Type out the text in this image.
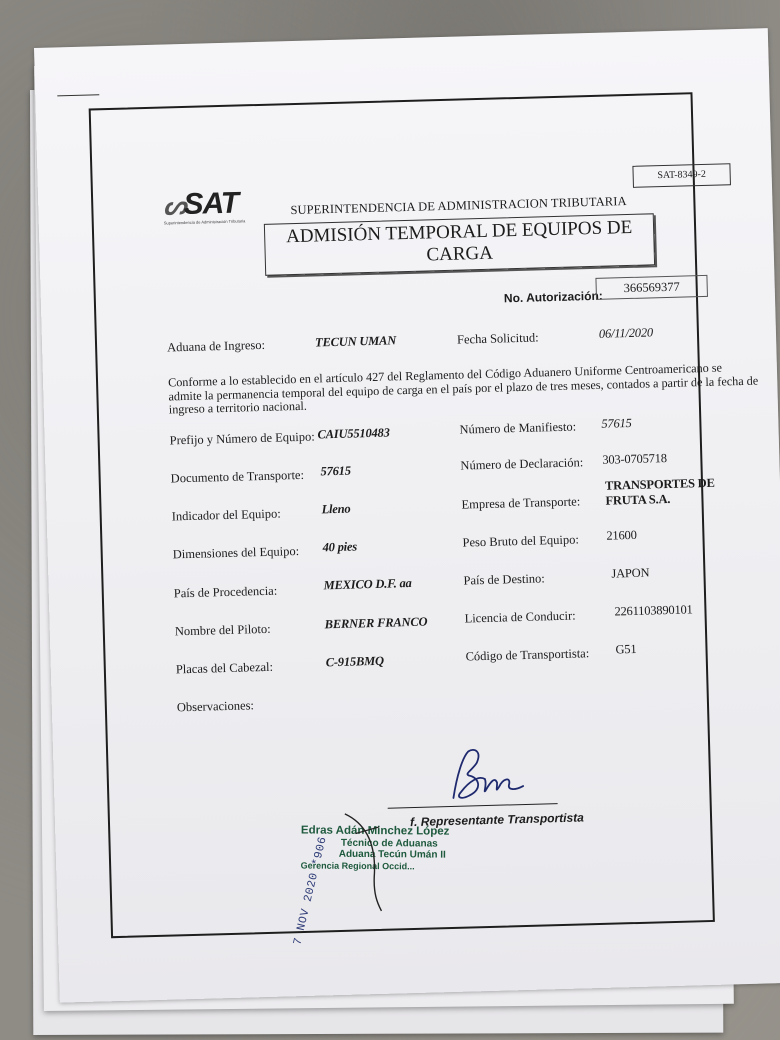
ᔕSAT
Superintendencia de Administración Tributaria
SUPERINTENDENCIA DE ADMINISTRACION TRIBUTARIA
SAT-8349-2
ADMISIÓN TEMPORAL DE EQUIPOS DE
CARGA
No. Autorización:
366569377
Aduana de Ingreso:	TECUN UMAN	Fecha Solicitud:	06/11/2020
Conforme a lo establecido en el artículo 427 del Reglamento del Código Aduanero Uniforme Centroamericano se admite la permanencia temporal del equipo de carga en el país por el plazo de tres meses, contados a partir de la fecha de ingreso a territorio nacional.
Prefijo y Número de Equipo: CAIU5510483
Documento de Transporte: 57615
Indicador del Equipo:	Lleno
Dimensiones del Equipo: 40 pies
País de Procedencia:	MEXICO D.F. aa
Nombre del Piloto:	BERNER FRANCO
Placas del Cabezal:	C-915BMQ
Número de Manifiesto: 57615
Número de Declaración: 303-0705718
Empresa de Transporte:
TRANSPORTES DE
FRUTA S.A.
Peso Bruto del Equipo: 21600
País de Destino:	JAPON
Licencia de Conducir:	2261103890101
Código de Transportista: G51
Observaciones:
f. Representante Transportista
Edras Adán Minchez López
Técnico de Aduanas
Aduana Tecún Umán II
Gerencia Regional Occid...
7 NOV 2020 *906
